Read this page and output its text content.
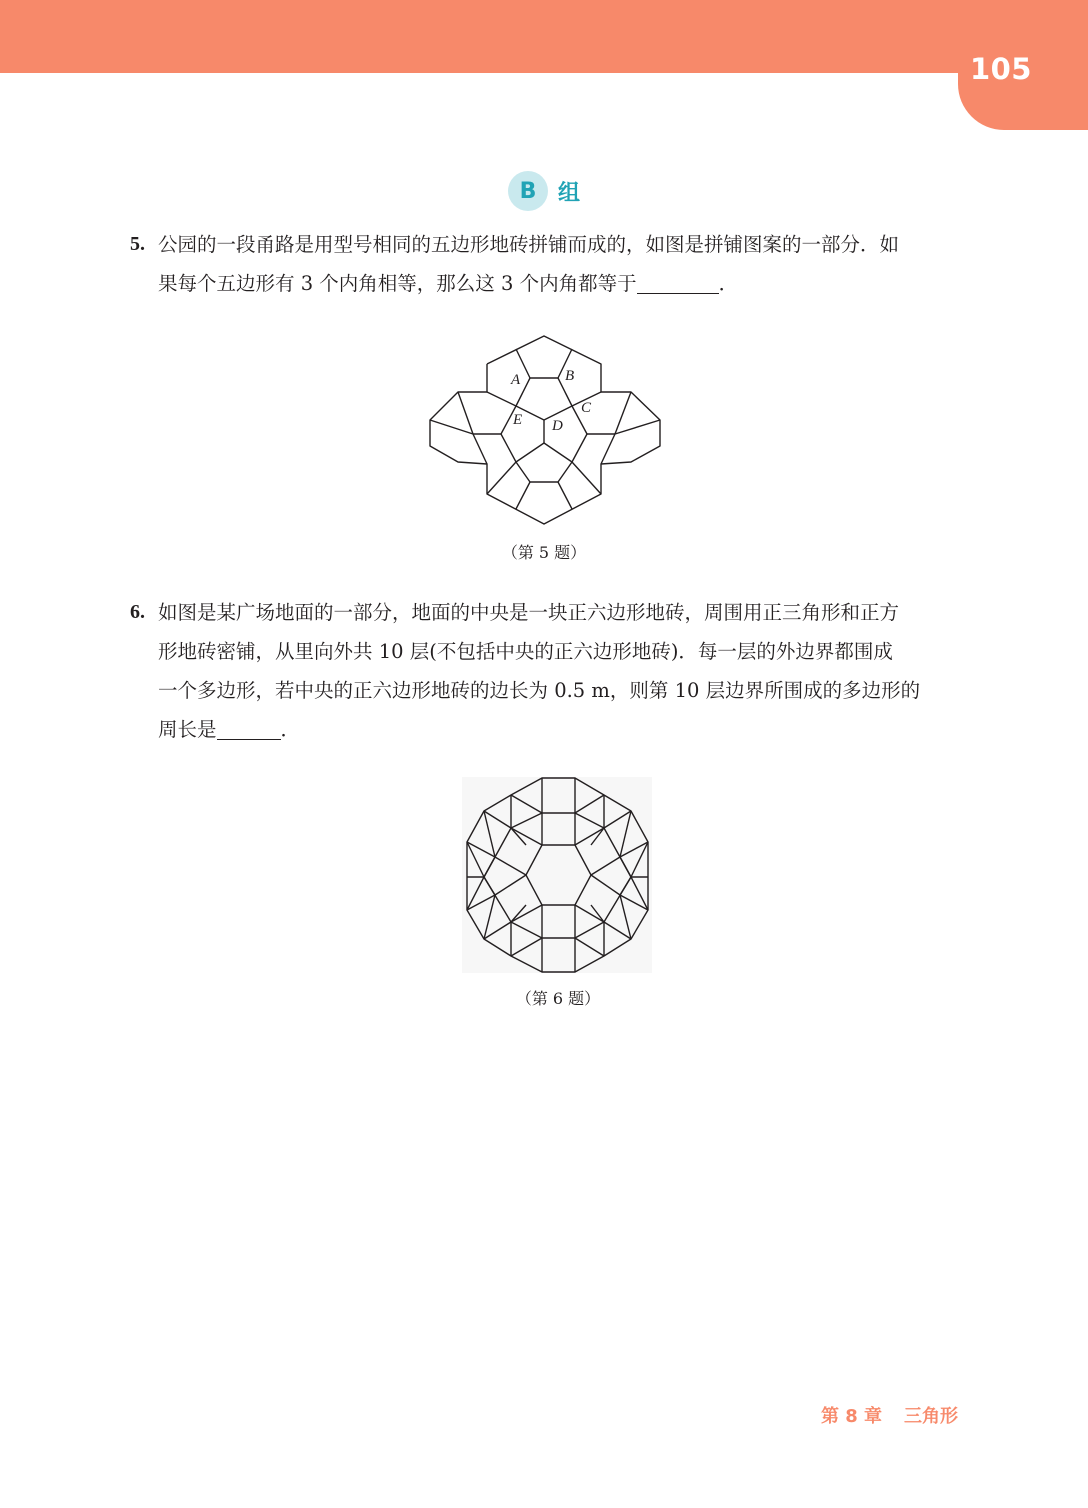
105
B 组
5. 公园的一段甬路是用型号相同的五边形地砖拼铺而成的，如图是拼铺图案的一部分．如
果每个五边形有 3 个内角相等，那么这 3 个内角都等于	．
A	B
C
D
E
（第 5 题）
6. 如图是某广场地面的一部分，地面的中央是一块正六边形地砖，周围用正三角形和正方
形地砖密铺，从里向外共 10 层(不包括中央的正六边形地砖)．每一层的外边界都围成
一个多边形，若中央的正六边形地砖的边长为 0.5 m，则第 10 层边界所围成的多边形的
周长是	．
（第 6 题）
第 8 章 三角形
